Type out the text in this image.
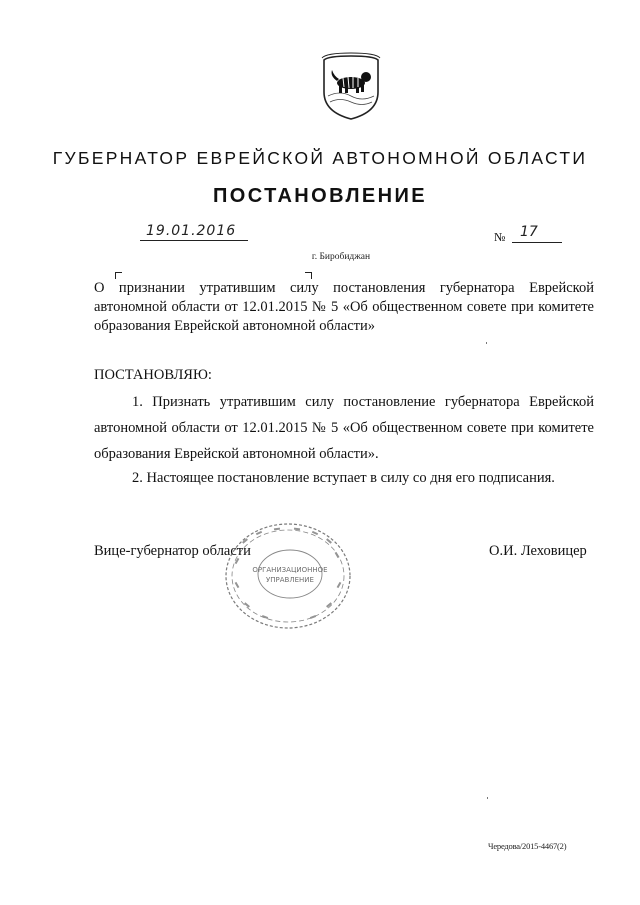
ГУБЕРНАТОР ЕВРЕЙСКОЙ АВТОНОМНОЙ ОБЛАСТИ
ПОСТАНОВЛЕНИЕ
19.01.2016	№ 17
г. Биробиджан
О признании утратившим силу постановления губернатора Еврейской автономной области от 12.01.2015 № 5 «Об общественном совете при комитете образования Еврейской автономной области»
ПОСТАНОВЛЯЮ:
1. Признать утратившим силу постановление губернатора Еврейской автономной области от 12.01.2015 № 5 «Об общественном совете при комитете образования Еврейской автономной области».
2. Настоящее постановление вступает в силу со дня его подписания.
ОРГАНИЗАЦИОННОЕ
УПРАВЛЕНИЕ
Вице-губернатор области	О.И. Леховицер
Чередова/2015-4467(2)
